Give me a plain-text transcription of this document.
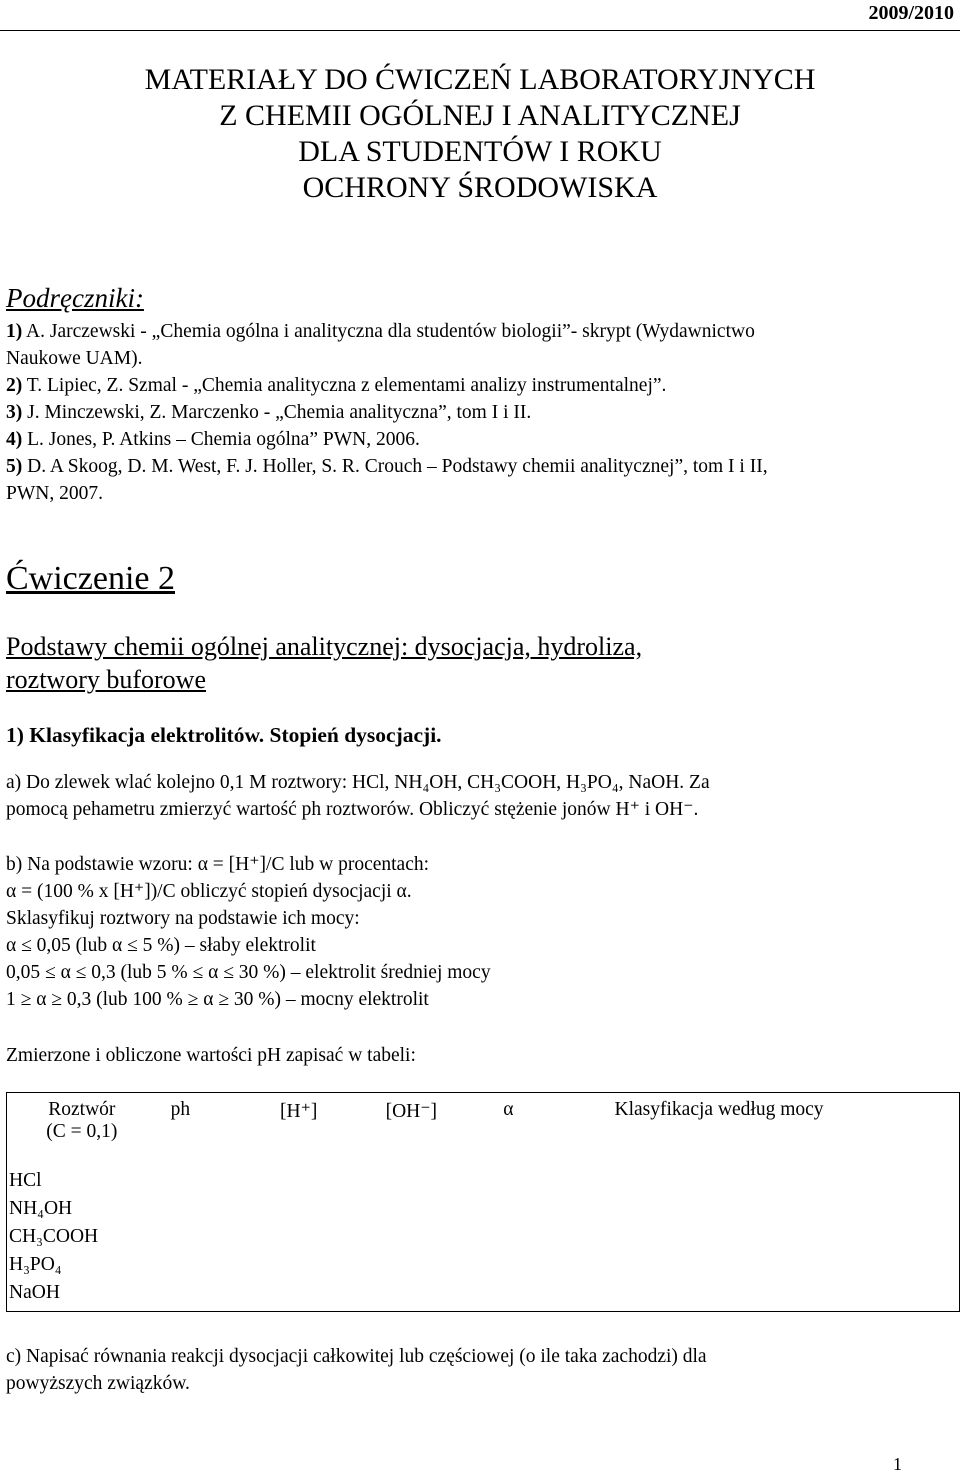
2009/2010
MATERIAŁY DO ĆWICZEŃ LABORATORYJNYCH
Z CHEMII OGÓLNEJ I ANALITYCZNEJ
DLA STUDENTÓW I ROKU
OCHRONY ŚRODOWISKA
Podręczniki:
1) A. Jarczewski - „Chemia ogólna i analityczna dla studentów biologii”- skrypt (Wydawnictwo
Naukowe UAM).
2) T. Lipiec, Z. Szmal - „Chemia analityczna z elementami analizy instrumentalnej”.
3) J. Minczewski, Z. Marczenko - „Chemia analityczna”, tom I i II.
4) L. Jones, P. Atkins – Chemia ogólna” PWN, 2006.
5) D. A Skoog, D. M. West, F. J. Holler, S. R. Crouch – Podstawy chemii analitycznej”, tom I i II,
PWN, 2007.
Ćwiczenie 2
Podstawy chemii ogólnej analitycznej: dysocjacja, hydroliza,
roztwory buforowe
1) Klasyfikacja elektrolitów. Stopień dysocjacji.
a) Do zlewek wlać kolejno 0,1 M roztwory: HCl, NH₄OH, CH₃COOH, H₃PO₄, NaOH. Za
pomocą pehametru zmierzyć wartość ph roztworów. Obliczyć stężenie jonów H⁺ i OH⁻.
b) Na podstawie wzoru: α = [H⁺]/C lub w procentach:
α = (100 % x [H⁺])/C obliczyć stopień dysocjacji α.
Sklasyfikuj roztwory na podstawie ich mocy:
α ≤ 0,05 (lub α ≤ 5 %) – słaby elektrolit
0,05 ≤ α ≤ 0,3 (lub 5 % ≤ α ≤ 30 %) – elektrolit średniej mocy
1 ≥ α ≥ 0,3 (lub 100 % ≥ α ≥ 30 %) – mocny elektrolit
Zmierzone i obliczone wartości pH zapisać w tabeli:
Roztwór
(C = 0,1)	ph	[H⁺]	[OH⁻]	α	Klasyfikacja według mocy

HCl
NH₄OH
CH₃COOH
H₃PO₄
NaOH					

c) Napisać równania reakcji dysocjacji całkowitej lub częściowej (o ile taka zachodzi) dla
powyższych związków.
1
